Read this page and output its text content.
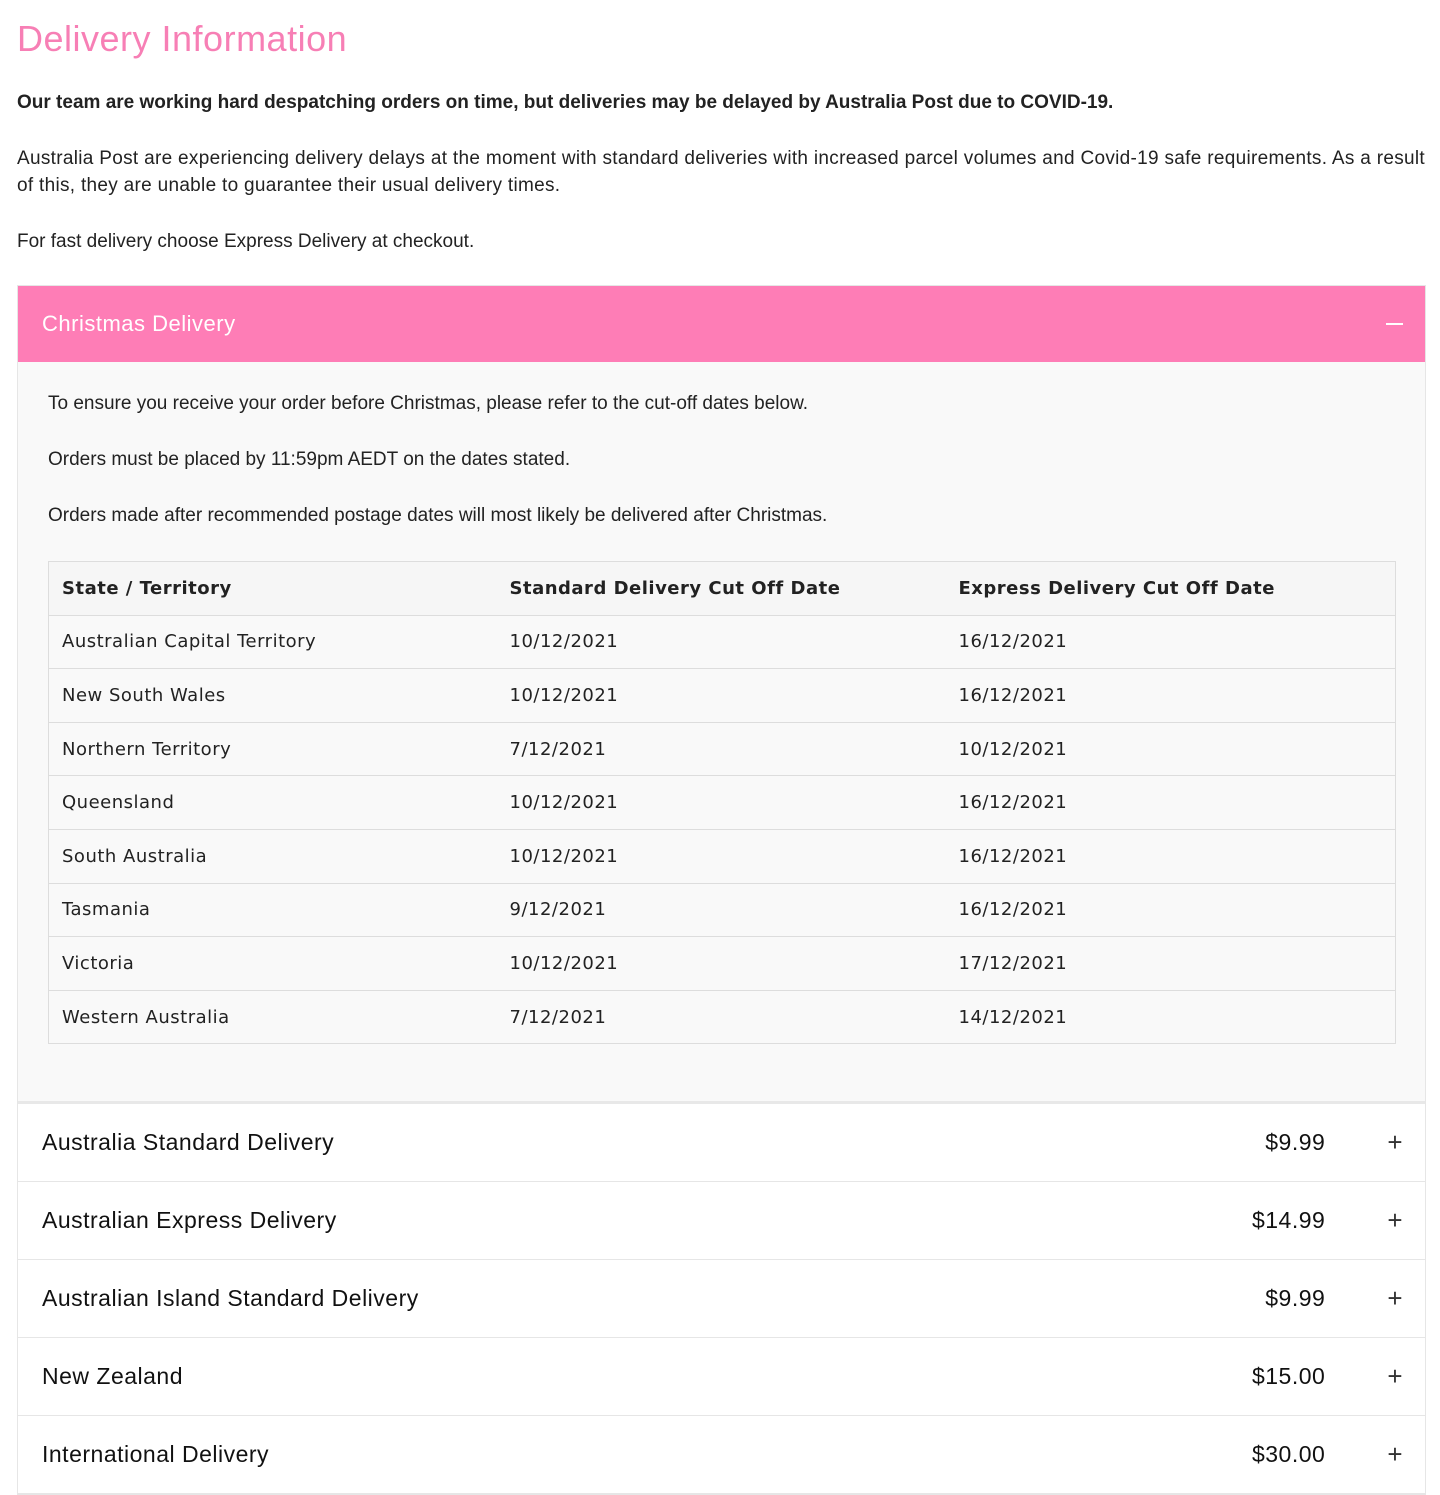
Delivery Information

Our team are working hard despatching orders on time, but deliveries may be delayed by Australia Post due to COVID-19.

Australia Post are experiencing delivery delays at the moment with standard deliveries with increased parcel volumes and Covid-19 safe requirements. As a result of this, they are unable to guarantee their usual delivery times.

For fast delivery choose Express Delivery at checkout.

Christmas Delivery

To ensure you receive your order before Christmas, please refer to the cut-off dates below.

Orders must be placed by 11:59pm AEDT on the dates stated.

Orders made after recommended postage dates will most likely be delivered after Christmas.

State / Territory	Standard Delivery Cut Off Date	Express Delivery Cut Off Date
Australian Capital Territory	10/12/2021	16/12/2021
New South Wales	10/12/2021	16/12/2021
Northern Territory	7/12/2021	10/12/2021
Queensland	10/12/2021	16/12/2021
South Australia	10/12/2021	16/12/2021
Tasmania	9/12/2021	16/12/2021
Victoria	10/12/2021	17/12/2021
Western Australia	7/12/2021	14/12/2021
Australia Standard Delivery	$9.99 +
Australian Express Delivery	$14.99 +
Australian Island Standard Delivery	$9.99 +
New Zealand	$15.00 +
International Delivery	$30.00 +
